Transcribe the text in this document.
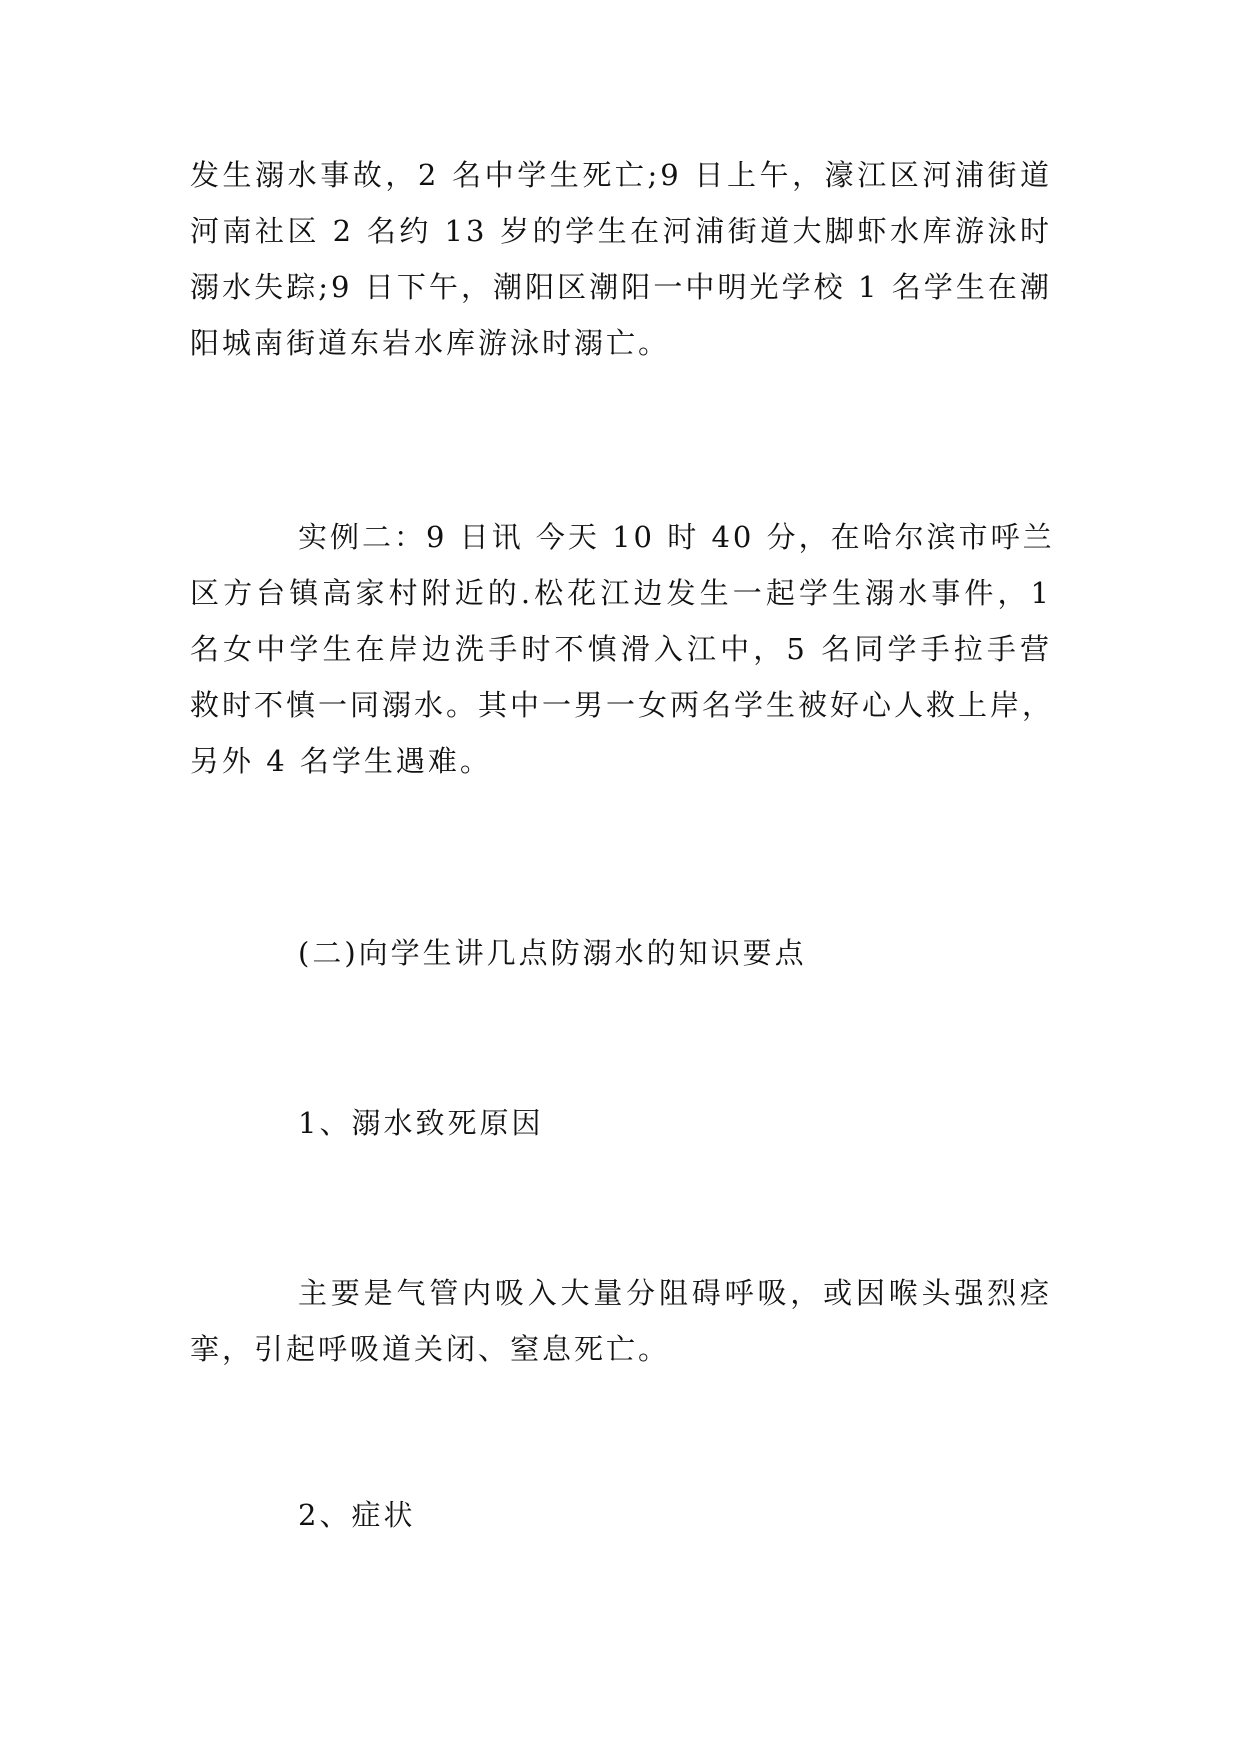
发生溺水事故，2 名中学生死亡;9 日上午，濠江区河浦街道
河南社区 2 名约 13 岁的学生在河浦街道大脚虾水库游泳时
溺水失踪;9 日下午，潮阳区潮阳一中明光学校 1 名学生在潮
阳城南街道东岩水库游泳时溺亡。
实例二：9 日讯 今天 10 时 40 分，在哈尔滨市呼兰
区方台镇高家村附近的.松花江边发生一起学生溺水事件，1
名女中学生在岸边洗手时不慎滑入江中，5 名同学手拉手营
救时不慎一同溺水。其中一男一女两名学生被好心人救上岸，
另外 4 名学生遇难。

(二)向学生讲几点防溺水的知识要点

1、溺水致死原因

主要是气管内吸入大量分阻碍呼吸，或因喉头强烈痉
挛，引起呼吸道关闭、窒息死亡。

2、症状
